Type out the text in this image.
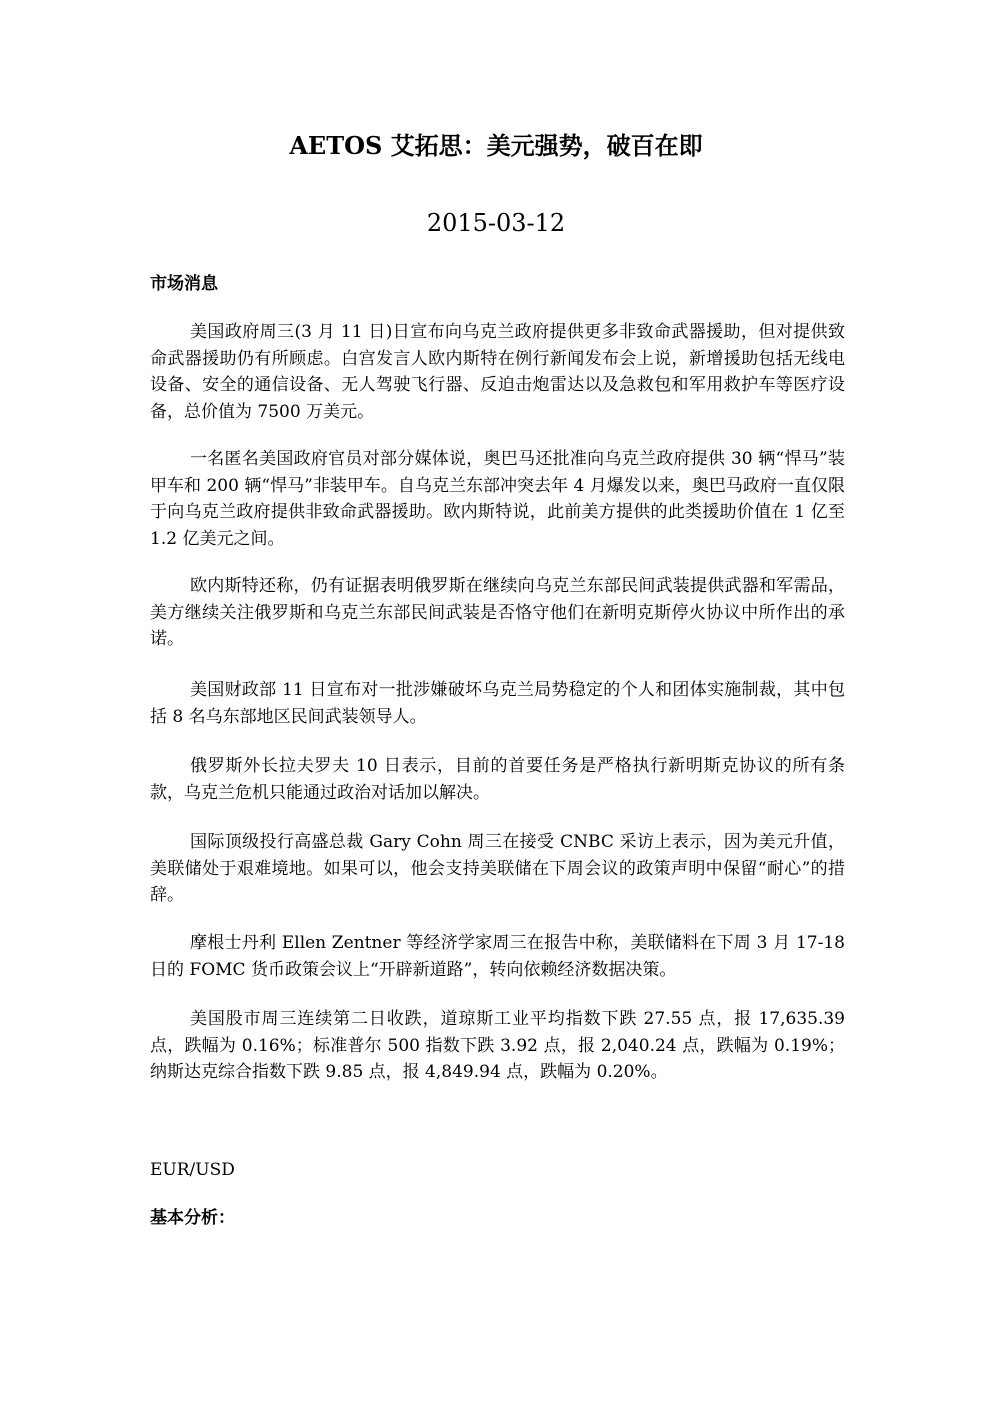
AETOS 艾拓思：美元强势，破百在即
2015-03-12
市场消息

美国政府周三(3 月 11 日)日宣布向乌克兰政府提供更多非致命武器援助，但对提供致命武器援助仍有所顾虑。白宫发言人欧内斯特在例行新闻发布会上说，新增援助包括无线电设备、安全的通信设备、无人驾驶飞行器、反迫击炮雷达以及急救包和军用救护车等医疗设备，总价值为 7500 万美元。

一名匿名美国政府官员对部分媒体说，奥巴马还批准向乌克兰政府提供 30 辆“悍马”装甲车和 200 辆“悍马”非装甲车。自乌克兰东部冲突去年 4 月爆发以来，奥巴马政府一直仅限于向乌克兰政府提供非致命武器援助。欧内斯特说，此前美方提供的此类援助价值在 1 亿至 1.2 亿美元之间。

欧内斯特还称，仍有证据表明俄罗斯在继续向乌克兰东部民间武装提供武器和军需品，美方继续关注俄罗斯和乌克兰东部民间武装是否恪守他们在新明克斯停火协议中所作出的承诺。

美国财政部 11 日宣布对一批涉嫌破坏乌克兰局势稳定的个人和团体实施制裁，其中包括 8 名乌东部地区民间武装领导人。

俄罗斯外长拉夫罗夫 10 日表示，目前的首要任务是严格执行新明斯克协议的所有条款，乌克兰危机只能通过政治对话加以解决。

国际顶级投行高盛总裁 Gary Cohn 周三在接受 CNBC 采访上表示，因为美元升值，美联储处于艰难境地。如果可以，他会支持美联储在下周会议的政策声明中保留“耐心”的措辞。

摩根士丹利 Ellen Zentner 等经济学家周三在报告中称，美联储料在下周 3 月 17-18 日的 FOMC 货币政策会议上“开辟新道路”，转向依赖经济数据决策。

美国股市周三连续第二日收跌，道琼斯工业平均指数下跌 27.55 点，报 17,635.39 点，跌幅为 0.16%；标准普尔 500 指数下跌 3.92 点，报 2,040.24 点，跌幅为 0.19%；纳斯达克综合指数下跌 9.85 点，报 4,849.94 点，跌幅为 0.20%。

EUR/USD
基本分析：
